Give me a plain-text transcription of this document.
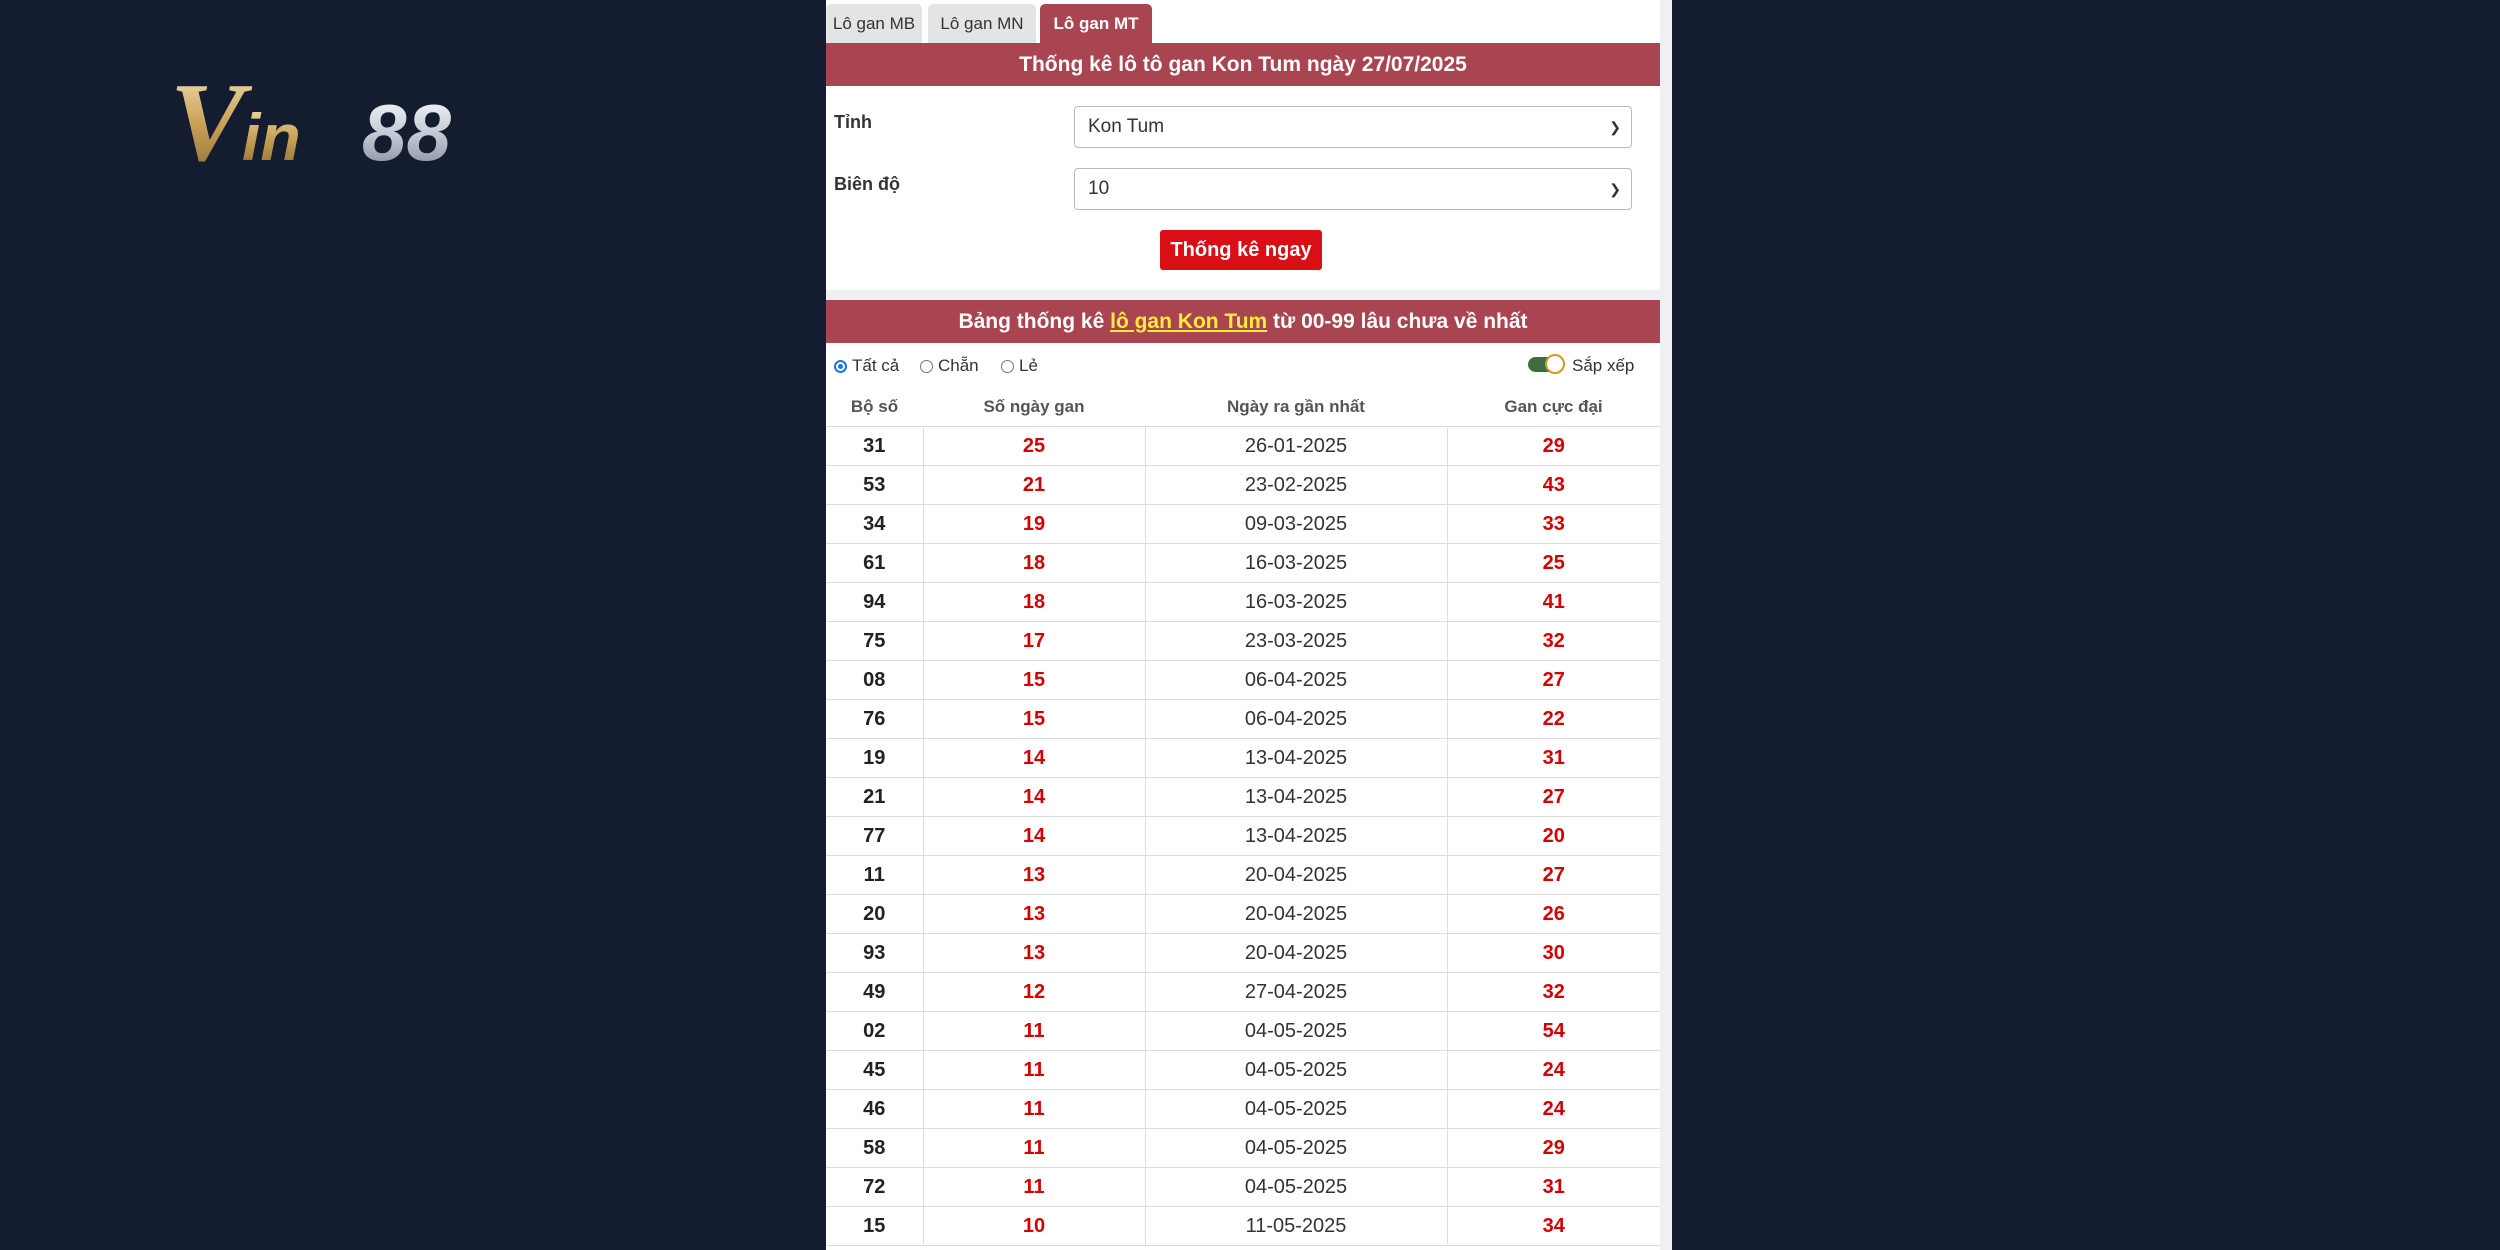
V
in 88
Lô gan MB	Lô gan MN	Lô gan MT
Thống kê lô tô gan Kon Tum ngày 27/07/2025
Tỉnh	Kon Tum	❯
Biên độ	10	❯
Thống kê ngay
Bảng thống kê lô gan Kon Tum từ 00-99 lâu chưa về nhất
Tất cả	Chẵn	Lẻ	Sắp xếp
Bộ số	Số ngày gan	Ngày ra gần nhất	Gan cực đại
31	25	26-01-2025	29
53	21	23-02-2025	43
34	19	09-03-2025	33
61	18	16-03-2025	25
94	18	16-03-2025	41
75	17	23-03-2025	32
08	15	06-04-2025	27
76	15	06-04-2025	22
19	14	13-04-2025	31
21	14	13-04-2025	27
77	14	13-04-2025	20
11	13	20-04-2025	27
20	13	20-04-2025	26
93	13	20-04-2025	30
49	12	27-04-2025	32
02	11	04-05-2025	54
45	11	04-05-2025	24
46	11	04-05-2025	24
58	11	04-05-2025	29
72	11	04-05-2025	31
15	10	11-05-2025	34
